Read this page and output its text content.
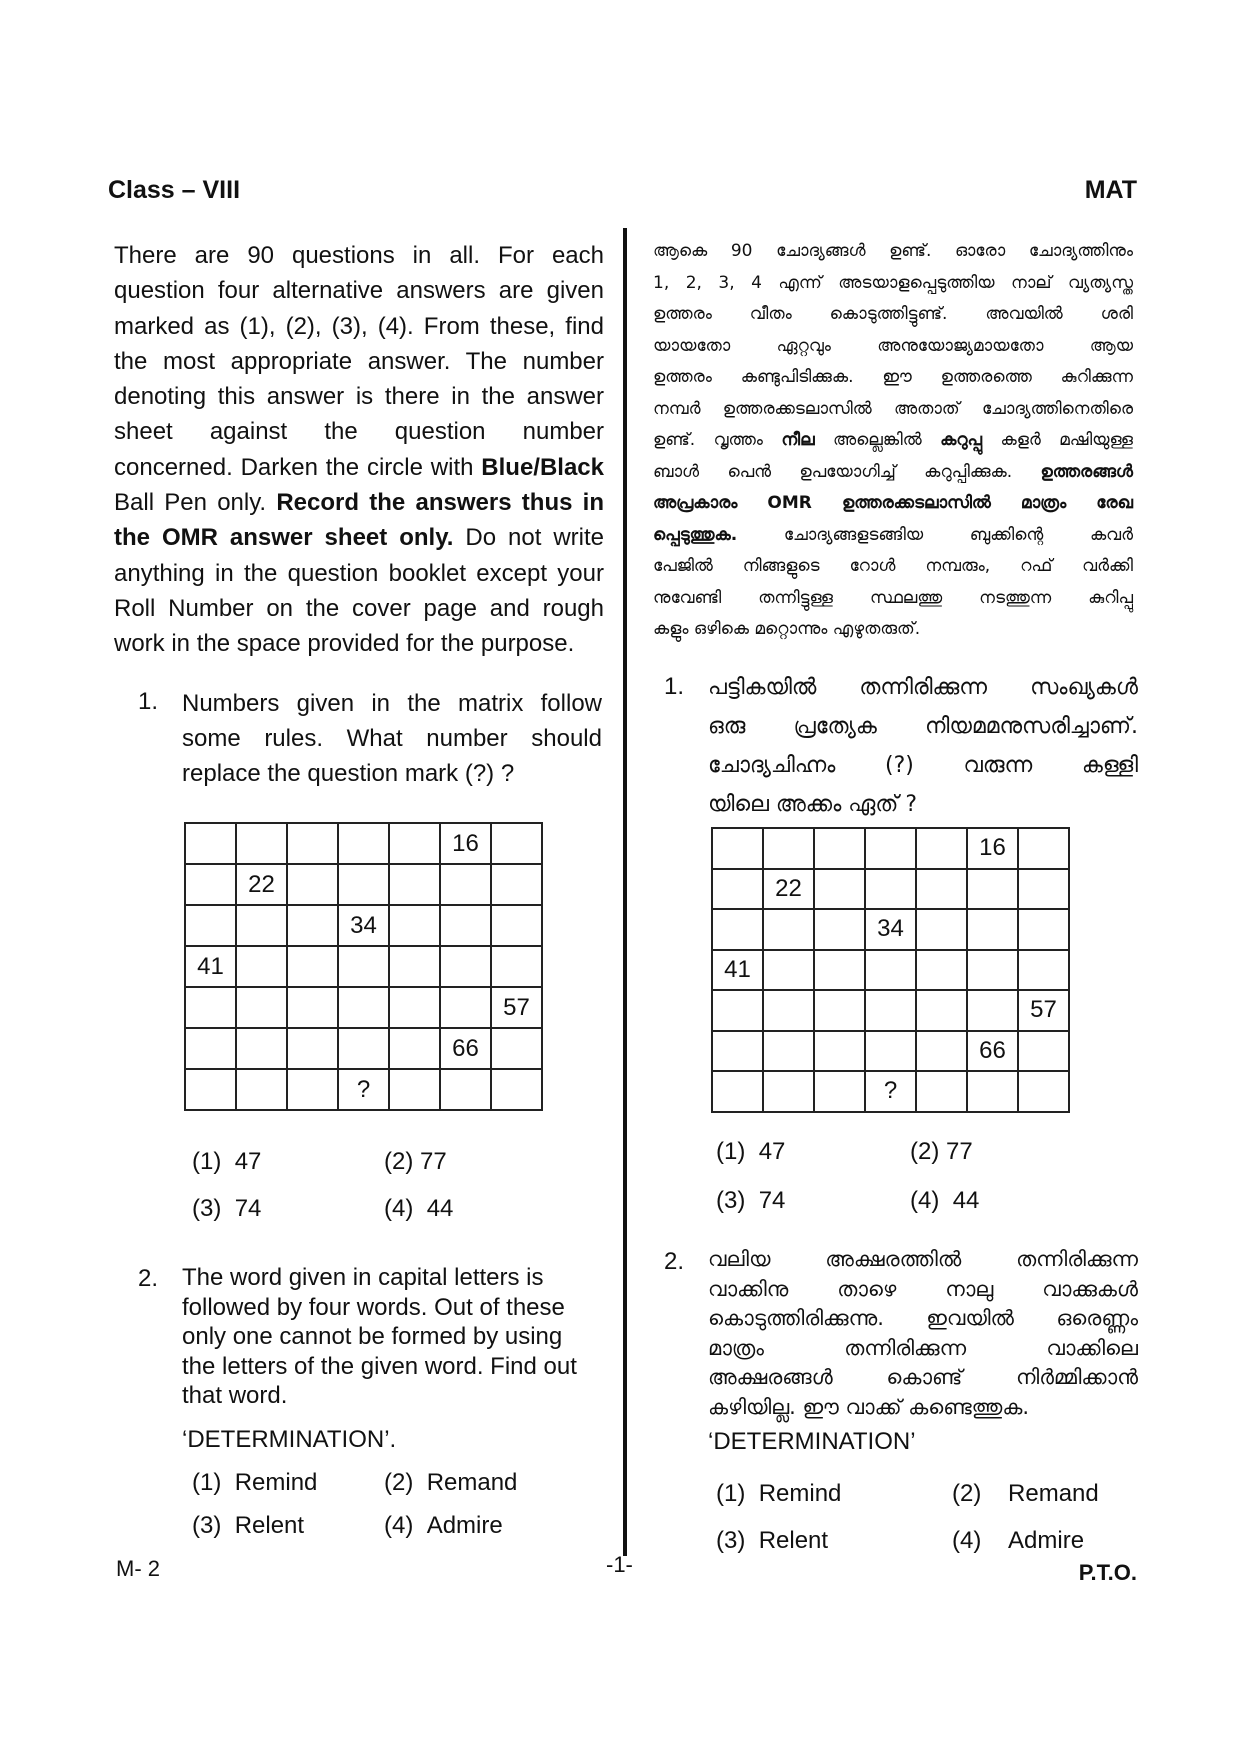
Class – VIII	MAT
There are 90 questions in all. For each
question four alternative answers are given
marked as (1), (2), (3), (4). From these, find
the most appropriate answer. The number
denoting this answer is there in the answer
sheet against the question number
concerned. Darken the circle with Blue/Black
Ball Pen only. Record the answers thus in
the OMR answer sheet only. Do not write
anything in the question booklet except your
Roll Number on the cover page and rough
work in the space provided for the purpose.
1. Numbers given in the matrix follow
some rules. What number should
replace the question mark (?) ?
					16	
	22					
			34			
41						
						57
					66	
			?			
(1) 47	(2) 77
(3) 74	(4) 44
2. The word given in capital letters is
followed by four words. Out of these
only one cannot be formed by using
the letters of the given word. Find out
that word.
‘DETERMINATION’.
(1) Remind	(2) Remand
(3) Relent	(4) Admire
ആകെ 90 ചോദ്യങ്ങൾ ഉണ്ട്. ഓരോ ചോദ്യത്തിനും
1, 2, 3, 4 എന്ന് അടയാളപ്പെടുത്തിയ നാല് വ്യത്യസ്ത
ഉത്തരം വീതം കൊടുത്തിട്ടുണ്ട്. അവയിൽ ശരി
യായതോ ഏറ്റവും അനുയോജ്യമായതോ ആയ
ഉത്തരം കണ്ടുപിടിക്കുക. ഈ ഉത്തരത്തെ കുറിക്കുന്ന
നമ്പർ ഉത്തരക്കടലാസിൽ അതാത് ചോദ്യത്തിനെതിരെ
ഉണ്ട്. വൃത്തം നീല അല്ലെങ്കിൽ കറുപ്പു കളർ മഷിയുള്ള
ബാൾ പെൻ ഉപയോഗിച്ച് കറുപ്പിക്കുക. ഉത്തരങ്ങൾ
അപ്രകാരം OMR ഉത്തരക്കടലാസിൽ മാത്രം രേഖ
പ്പെടുത്തുക. ചോദ്യങ്ങളടങ്ങിയ ബുക്കിന്റെ കവർ
പേജിൽ നിങ്ങളുടെ റോൾ നമ്പരും, റഫ് വർക്കി
നുവേണ്ടി തന്നിട്ടുള്ള സ്ഥലത്തു നടത്തുന്ന കുറിപ്പു
കളും ഒഴികെ മറ്റൊന്നും എഴുതരുത്.
1. പട്ടികയിൽ തന്നിരിക്കുന്ന സംഖ്യകൾ
ഒരു പ്രത്യേക നിയമമനുസരിച്ചാണ്.
ചോദ്യചിഹ്നം (?) വരുന്ന കള്ളി
യിലെ അക്കം ഏത് ?
					16	
	22					
			34			
41						
						57
					66	
			?			
(1) 47	(2) 77
(3) 74	(4) 44
2. വലിയ അക്ഷരത്തിൽ തന്നിരിക്കുന്ന
വാക്കിനു താഴെ നാലു വാക്കുകൾ
കൊടുത്തിരിക്കുന്നു. ഇവയിൽ ഒരെണ്ണം
മാത്രം തന്നിരിക്കുന്ന വാക്കിലെ
അക്ഷരങ്ങൾ കൊണ്ട് നിർമ്മിക്കാൻ
കഴിയില്ല. ഈ വാക്ക് കണ്ടെത്തുക.
‘DETERMINATION’
(1) Remind	(2) Remand
(3) Relent	(4) Admire
M- 2	-1-	P.T.O.
